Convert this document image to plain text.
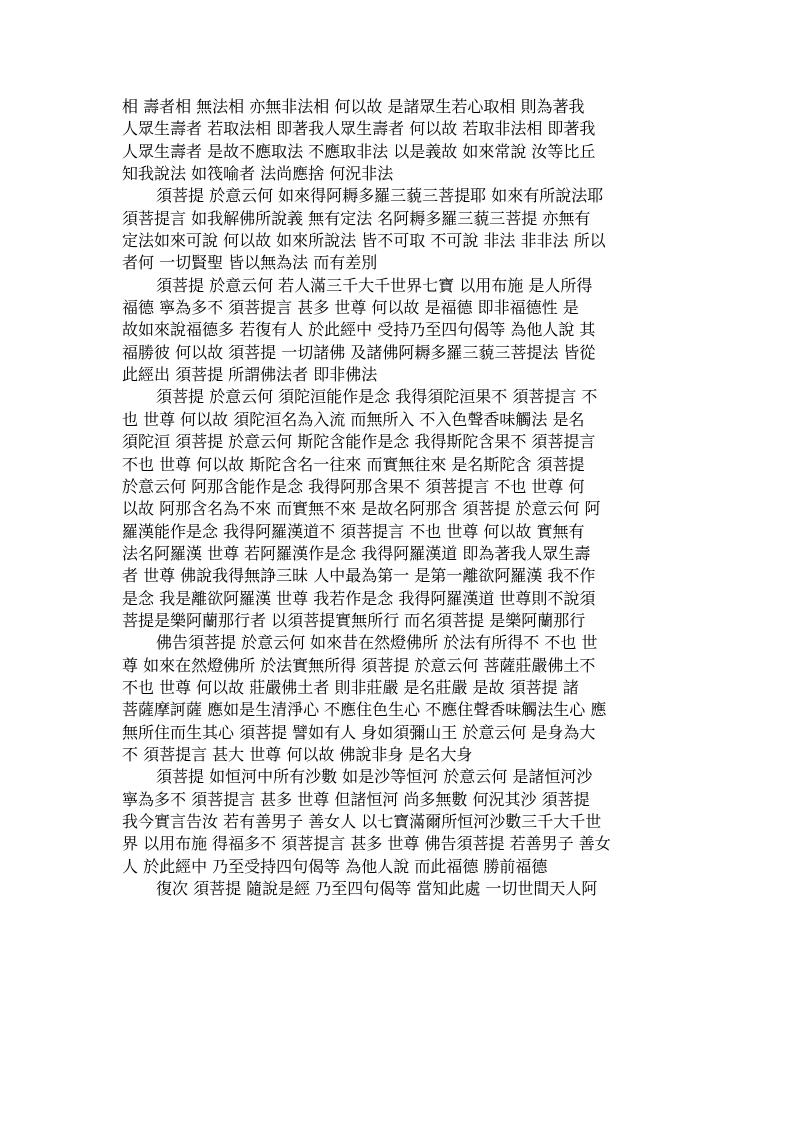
相 壽者相 無法相 亦無非法相 何以故 是諸眾生若心取相 則為著我
人眾生壽者 若取法相 即著我人眾生壽者 何以故 若取非法相 即著我
人眾生壽者 是故不應取法 不應取非法 以是義故 如來常說 汝等比丘
知我說法 如筏喻者 法尚應捨 何況非法
須菩提 於意云何 如來得阿耨多羅三藐三菩提耶 如來有所說法耶
須菩提言 如我解佛所說義 無有定法 名阿耨多羅三藐三菩提 亦無有
定法如來可說 何以故 如來所說法 皆不可取 不可說 非法 非非法 所以
者何 一切賢聖 皆以無為法 而有差別
須菩提 於意云何 若人滿三千大千世界七寶 以用布施 是人所得
福德 寧為多不 須菩提言 甚多 世尊 何以故 是福德 即非福德性 是
故如來說福德多 若復有人 於此經中 受持乃至四句偈等 為他人說 其
福勝彼 何以故 須菩提 一切諸佛 及諸佛阿耨多羅三藐三菩提法 皆從
此經出 須菩提 所謂佛法者 即非佛法
須菩提 於意云何 須陀洹能作是念 我得須陀洹果不 須菩提言 不
也 世尊 何以故 須陀洹名為入流 而無所入 不入色聲香味觸法 是名
須陀洹 須菩提 於意云何 斯陀含能作是念 我得斯陀含果不 須菩提言
不也 世尊 何以故 斯陀含名一往來 而實無往來 是名斯陀含 須菩提
於意云何 阿那含能作是念 我得阿那含果不 須菩提言 不也 世尊 何
以故 阿那含名為不來 而實無不來 是故名阿那含 須菩提 於意云何 阿
羅漢能作是念 我得阿羅漢道不 須菩提言 不也 世尊 何以故 實無有
法名阿羅漢 世尊 若阿羅漢作是念 我得阿羅漢道 即為著我人眾生壽
者 世尊 佛說我得無諍三昧 人中最為第一 是第一離欲阿羅漢 我不作
是念 我是離欲阿羅漢 世尊 我若作是念 我得阿羅漢道 世尊則不說須
菩提是樂阿蘭那行者 以須菩提實無所行 而名須菩提 是樂阿蘭那行
佛告須菩提 於意云何 如來昔在然燈佛所 於法有所得不 不也 世
尊 如來在然燈佛所 於法實無所得 須菩提 於意云何 菩薩莊嚴佛土不
不也 世尊 何以故 莊嚴佛土者 則非莊嚴 是名莊嚴 是故 須菩提 諸
菩薩摩訶薩 應如是生清淨心 不應住色生心 不應住聲香味觸法生心 應
無所住而生其心 須菩提 譬如有人 身如須彌山王 於意云何 是身為大
不 須菩提言 甚大 世尊 何以故 佛說非身 是名大身
須菩提 如恒河中所有沙數 如是沙等恒河 於意云何 是諸恒河沙
寧為多不 須菩提言 甚多 世尊 但諸恒河 尚多無數 何況其沙 須菩提
我今實言告汝 若有善男子 善女人 以七寶滿爾所恒河沙數三千大千世
界 以用布施 得福多不 須菩提言 甚多 世尊 佛告須菩提 若善男子 善女
人 於此經中 乃至受持四句偈等 為他人說 而此福德 勝前福德
復次 須菩提 隨說是經 乃至四句偈等 當知此處 一切世間天人阿
